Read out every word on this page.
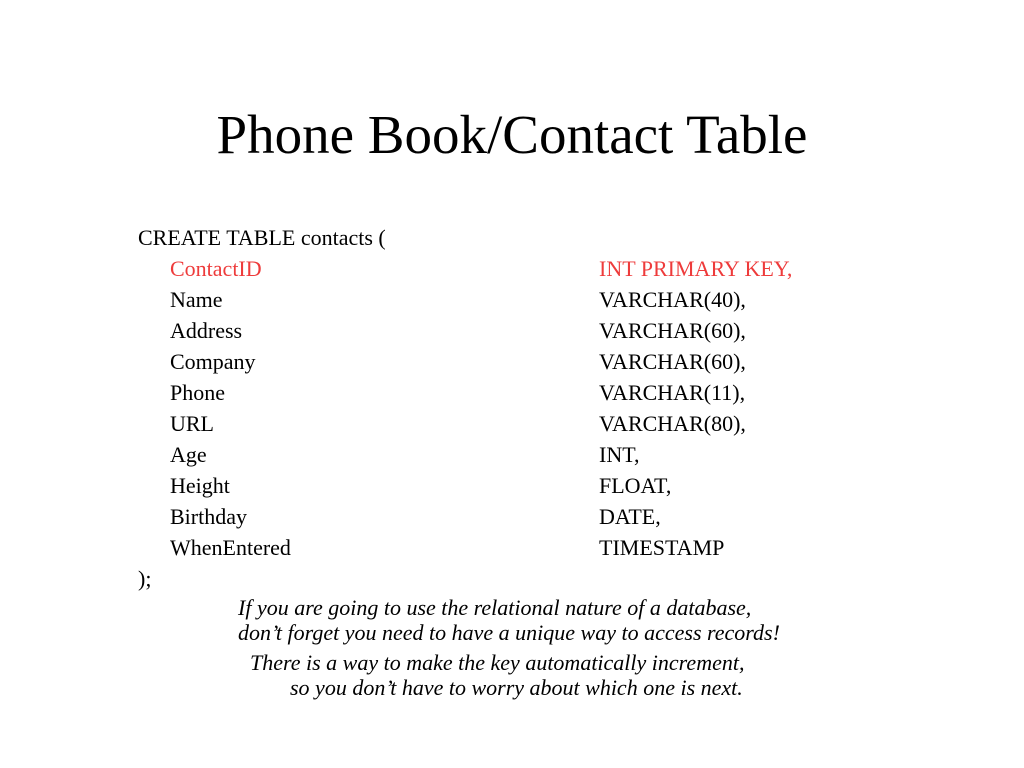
Phone Book/Contact Table
CREATE TABLE contacts (
ContactID	INT PRIMARY KEY,
Name	VARCHAR(40),
Address	VARCHAR(60),
Company	VARCHAR(60),
Phone	VARCHAR(11),
URL	VARCHAR(80),
Age	INT,
Height	FLOAT,
Birthday	DATE,
WhenEntered	TIMESTAMP
);
If you are going to use the relational nature of a database,
don’t forget you need to have a unique way to access records!
There is a way to make the key automatically increment,
so you don’t have to worry about which one is next.
